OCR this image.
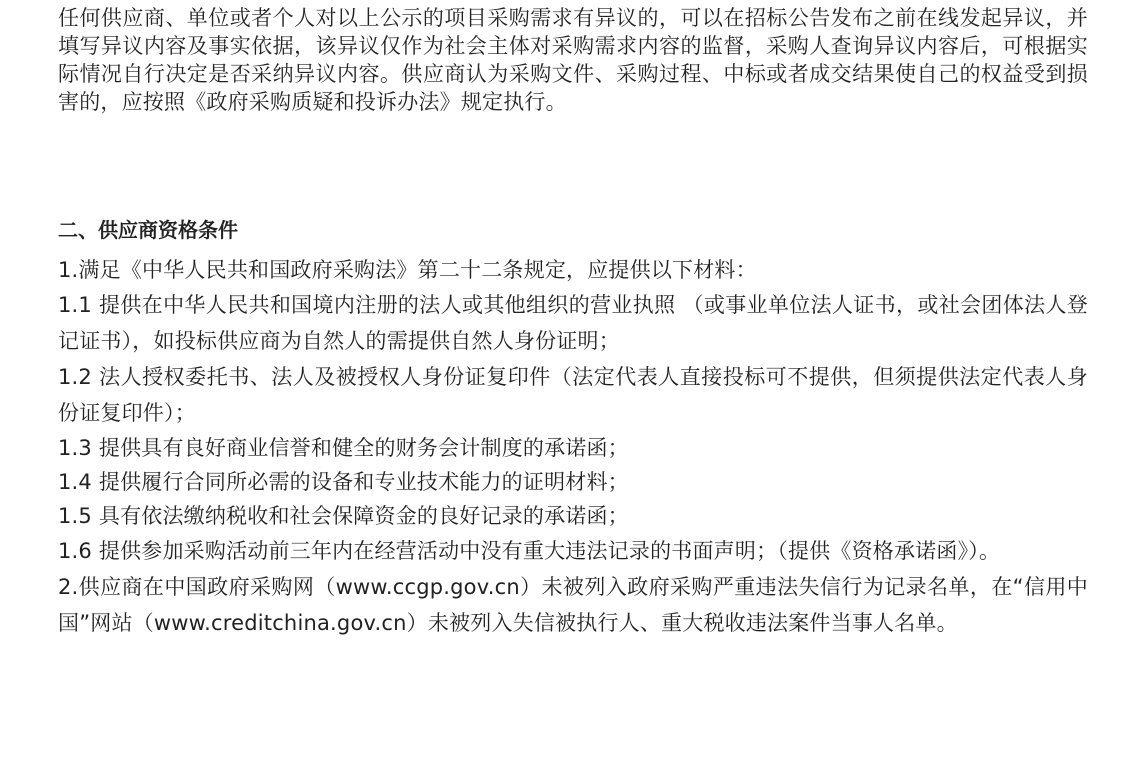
任何供应商、单位或者个人对以上公示的项目采购需求有异议的，可以在招标公告发布之前在线发起异议，并填写异议内容及事实依据，该异议仅作为社会主体对采购需求内容的监督，采购人查询异议内容后，可根据实际情况自行决定是否采纳异议内容。供应商认为采购文件、采购过程、中标或者成交结果使自己的权益受到损害的，应按照《政府采购质疑和投诉办法》规定执行。

二、供应商资格条件

1.满足《中华人民共和国政府采购法》第二十二条规定，应提供以下材料：

1.1 提供在中华人民共和国境内注册的法人或其他组织的营业执照 （或事业单位法人证书，或社会团体法人登记证书），如投标供应商为自然人的需提供自然人身份证明；

1.2 法人授权委托书、法人及被授权人身份证复印件（法定代表人直接投标可不提供，但须提供法定代表人身份证复印件）；

1.3 提供具有良好商业信誉和健全的财务会计制度的承诺函；

1.4 提供履行合同所必需的设备和专业技术能力的证明材料；

1.5 具有依法缴纳税收和社会保障资金的良好记录的承诺函；

1.6 提供参加采购活动前三年内在经营活动中没有重大违法记录的书面声明；（提供《资格承诺函》）。

2.供应商在中国政府采购网（www.ccgp.gov.cn）未被列入政府采购严重违法失信行为记录名单，在“信用中国”网站（www.creditchina.gov.cn）未被列入失信被执行人、重大税收违法案件当事人名单。
